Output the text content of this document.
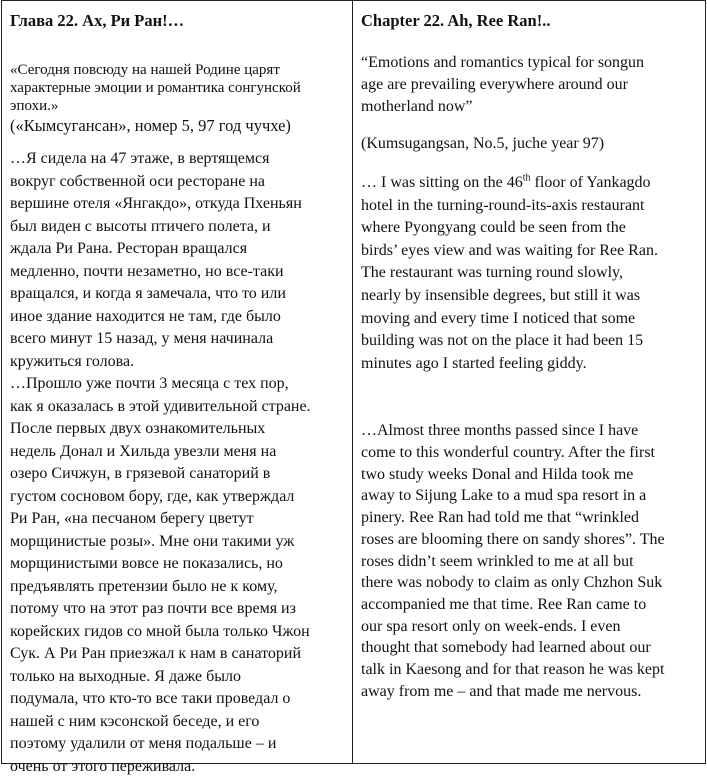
Глава 22. Ах, Ри Ран!…
«Сегодня повсюду на нашей Родине царят
характерные эмоции и романтика сонгунской
эпохи.»
(«Кымсугансан», номер 5, 97 год чучхе)
…Я сидела на 47 этаже, в вертящемся
вокруг собственной оси ресторане на
вершине отеля «Янгакдо», откуда Пхеньян
был виден с высоты птичего полета, и
ждала Ри Рана. Ресторан вращался
медленно, почти незаметно, но все-таки
вращался, и когда я замечала, что то или
иное здание находится не там, где было
всего минут 15 назад, у меня начинала
кружиться голова.
…Прошло уже почти 3 месяца с тех пор,
как я оказалась в этой удивительной стране.
После первых двух ознакомительных
недель Донал и Хильда увезли меня на
озеро Сичжун, в грязевой санаторий в
густом сосновом бору, где, как утверждал
Ри Ран, «на песчаном берегу цветут
морщинистые розы». Мне они такими уж
морщинистыми вовсе не показались, но
предъявлять претензии было не к кому,
потому что на этот раз почти все время из
корейских гидов со мной была только Чжон
Сук. А Ри Ран приезжал к нам в санаторий
только на выходные. Я даже было
подумала, что кто-то все таки проведал о
нашей с ним кэсонской беседе, и его
поэтому удалили от меня подальше – и
очень от этого переживала.
Chapter 22. Ah, Ree Ran!..
“Emotions and romantics typical for songun
age are prevailing everywhere around our
motherland now”
(Kumsugangsan, No.5, juche year 97)
… I was sitting on the 46th floor of Yankagdo
hotel in the turning-round-its-axis restaurant
where Pyongyang could be seen from the
birds’ eyes view and was waiting for Ree Ran.
The restaurant was turning round slowly,
nearly by insensible degrees, but still it was
moving and every time I noticed that some
building was not on the place it had been 15
minutes ago I started feeling giddy.
…Almost three months passed since I have
come to this wonderful country. After the first
two study weeks Donal and Hilda took me
away to Sijung Lake to a mud spa resort in a
pinery. Ree Ran had told me that “wrinkled
roses are blooming there on sandy shores”. The
roses didn’t seem wrinkled to me at all but
there was nobody to claim as only Chzhon Suk
accompanied me that time. Ree Ran came to
our spa resort only on week-ends. I even
thought that somebody had learned about our
talk in Kaesong and for that reason he was kept
away from me – and that made me nervous.
